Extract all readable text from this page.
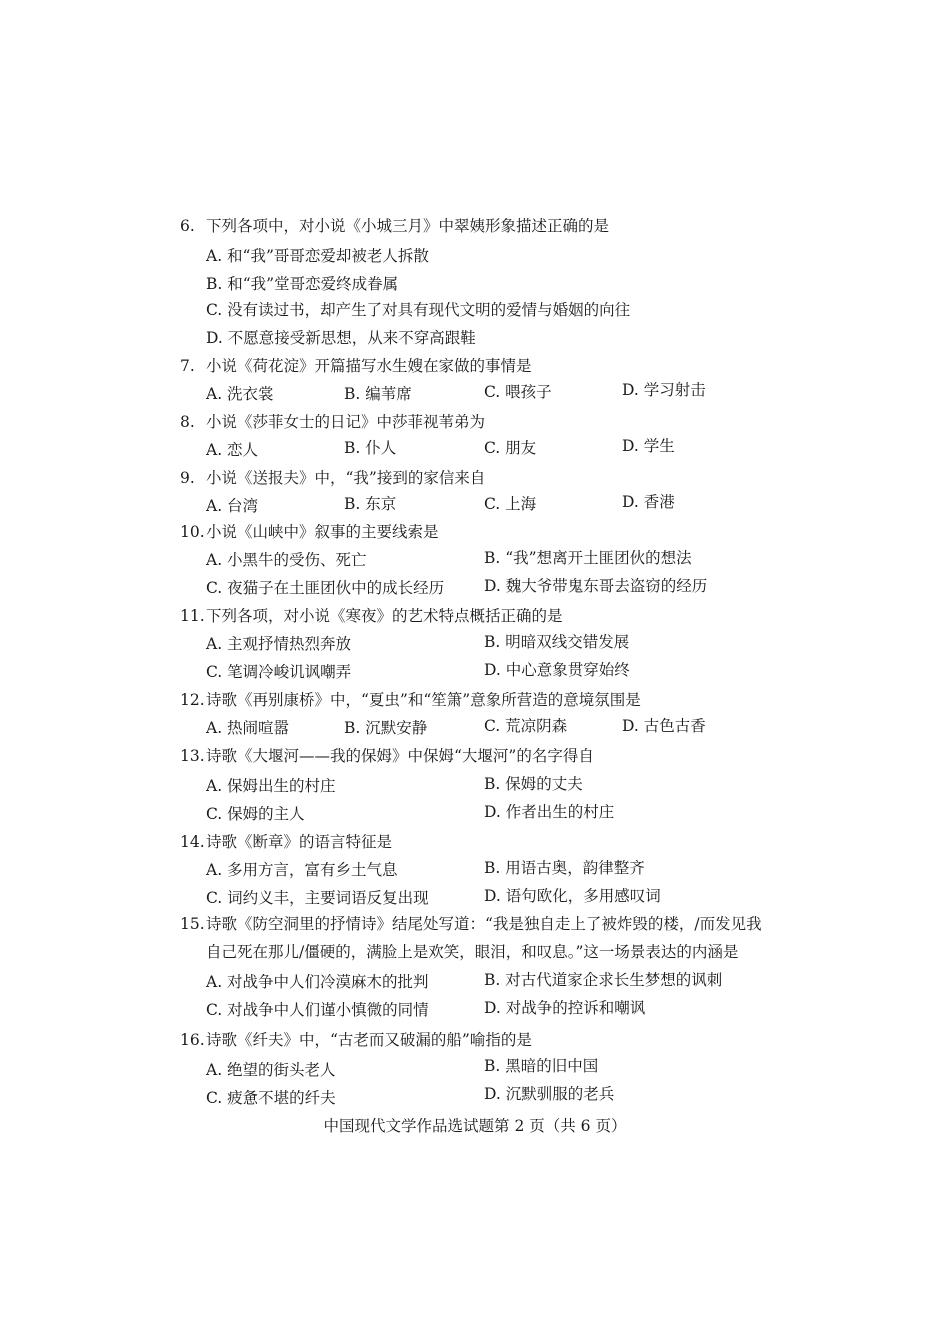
6. 下列各项中，对小说《小城三月》中翠姨形象描述正确的是
A. 和“我”哥哥恋爱却被老人拆散
B. 和“我”堂哥恋爱终成眷属
C. 没有读过书，却产生了对具有现代文明的爱情与婚姻的向往
D. 不愿意接受新思想，从来不穿高跟鞋
7. 小说《荷花淀》开篇描写水生嫂在家做的事情是
A. 洗衣裳	B. 编苇席	C. 喂孩子	D. 学习射击
8. 小说《莎菲女士的日记》中莎菲视苇弟为
A. 恋人	B. 仆人	C. 朋友	D. 学生
9. 小说《送报夫》中，“我”接到的家信来自
A. 台湾	B. 东京	C. 上海	D. 香港
10.小说《山峡中》叙事的主要线索是
A. 小黑牛的受伤、死亡	B. “我”想离开土匪团伙的想法
C. 夜猫子在土匪团伙中的成长经历	D. 魏大爷带鬼东哥去盗窃的经历
11.下列各项，对小说《寒夜》的艺术特点概括正确的是
A. 主观抒情热烈奔放	B. 明暗双线交错发展
C. 笔调冷峻讥讽嘲弄	D. 中心意象贯穿始终
12.诗歌《再别康桥》中，“夏虫”和“笙箫”意象所营造的意境氛围是
A. 热闹喧嚣	B. 沉默安静	C. 荒凉阴森	D. 古色古香
13.诗歌《大堰河——我的保姆》中保姆“大堰河”的名字得自
A. 保姆出生的村庄	B. 保姆的丈夫
C. 保姆的主人	D. 作者出生的村庄
14.诗歌《断章》的语言特征是
A. 多用方言，富有乡土气息	B. 用语古奥，韵律整齐
C. 词约义丰，主要词语反复出现	D. 语句欧化，多用感叹词
15.诗歌《防空洞里的抒情诗》结尾处写道：“我是独自走上了被炸毁的楼，/而发见我
自己死在那儿/僵硬的，满脸上是欢笑，眼泪，和叹息。”这一场景表达的内涵是
A. 对战争中人们冷漠麻木的批判	B. 对古代道家企求长生梦想的讽刺
C. 对战争中人们谨小慎微的同情	D. 对战争的控诉和嘲讽
16.诗歌《纤夫》中，“古老而又破漏的船”喻指的是
A. 绝望的街头老人	B. 黑暗的旧中国
C. 疲惫不堪的纤夫	D. 沉默驯服的老兵
中国现代文学作品选试题第 2 页（共 6 页）
